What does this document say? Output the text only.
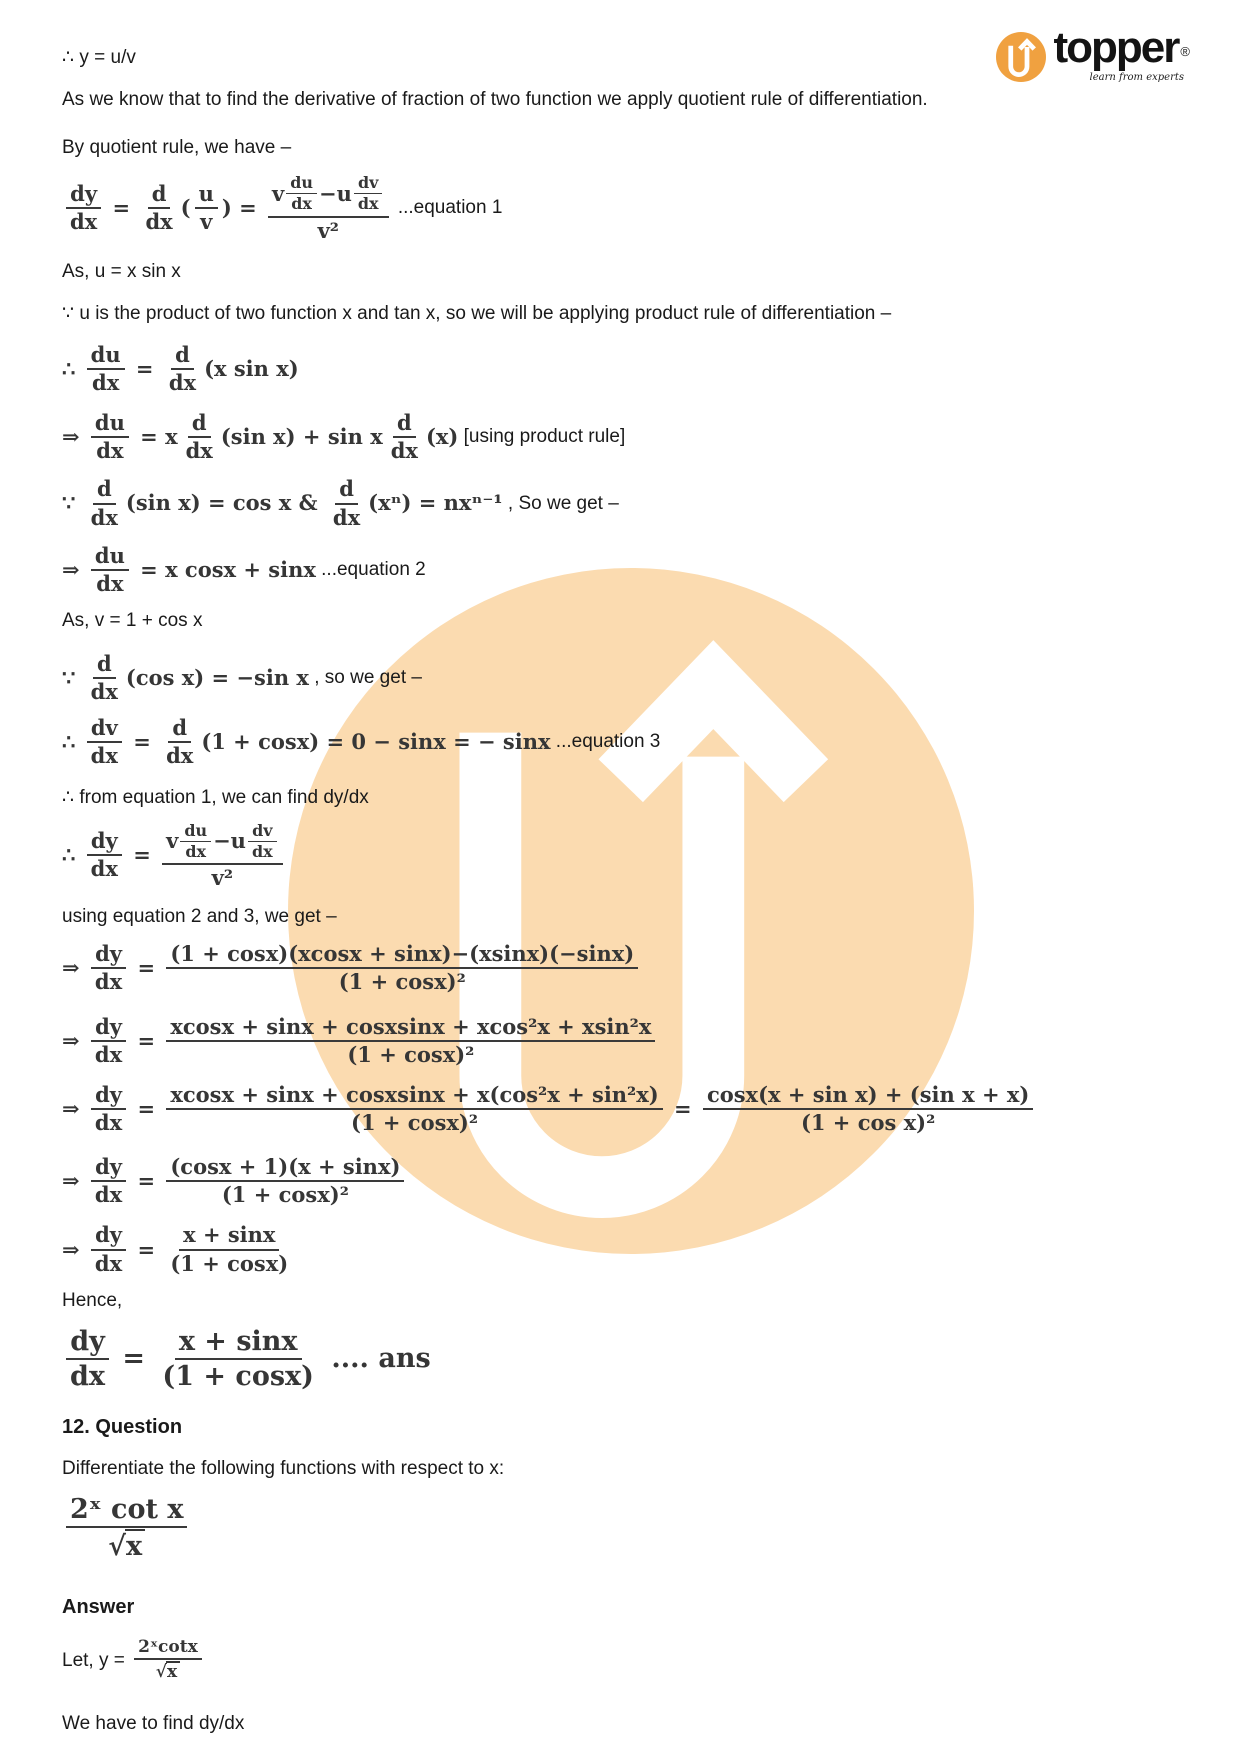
topper ®
learn from experts
∴ y = u/v
As we know that to find the derivative of fraction of two function we apply quotient rule of differentiation.
By quotient rule, we have –
$\frac{dy}{dx} = \frac{d}{dx}$ ( $\frac{u}{v}$ ) = $\frac{v \frac{du}{dx} -u \frac{dv}{dx}}{\text{v²}}$ ...equation 1
As, u = x sin x
∵ u is the product of two function x and tan x, so we will be applying product rule of differentiation –
∴ $\frac{du}{dx} = \frac{d}{dx} (x$ sin x)
⇒ $\frac{du}{dx} = x \frac{d}{dx} (\sin$ x) + sin x $\frac{d}{dx} (x)$ [using product rule]
∵ $\frac{d}{dx} (\sin$ x) = cos x & $\frac{d}{dx} (x^n) = nx^{n-1}$ , So we get –
⇒ $\frac{du}{dx} = x$ cosx + sinx ...equation 2
As, v = 1 + cos x
∵ $\frac{d}{dx} (\cos$ x) = −sin x , so we get –
∴ $\frac{dv}{dx} = \frac{d}{dx} (1 + \cos x) = 0 - \sin x$ = − sinx ...equation 3
∴ from equation 1, we can find dy/dx
∴ $\frac{dy}{dx} = \frac{v \frac{du}{dx} -u \frac{dv}{dx}}{\text{v²}}$
using equation 2 and 3, we get –
⇒ $\frac{dy}{dx} = \frac{(1 + \cos x)(xcosx + \sin x)-(xsinx)(-\sin x)}{\text{(1 + cosx)²}}$
⇒ $\frac{dy}{dx} = \frac{\text{xcosx + sinx + cosxsinx + xcos²x + xsin²x}}{\text{(1 + cosx)²}}$
⇒ $\frac{dy}{dx} = \frac{\text{xcosx + sinx + cosxsinx + x(cos²x + sin²x)}}{\text{(1 + cosx)²}} = \frac{\text{cosx(x + sin x) + (sin x + x)}}{\text{(1 + cos x)²}}$
⇒ $\frac{dy}{dx} = \frac{(\cos x + 1)(x + \sin x)}{\text{(1 + cosx)²}}$
⇒ $\frac{dy}{dx} = \frac{x + \sin x}{(1 + \cos x)}$
Hence,
$\frac{dy}{dx} = \frac{x + \sin x}{(1 + \cos x)}$ .... ans
12. Question
Differentiate the following functions with respect to x:
$\frac{\text{2ˣ cot x}}{√ x}$
Answer
Let, $y = \frac{\text{2ˣcotx}}{√ x}$
We have to find dy/dx
